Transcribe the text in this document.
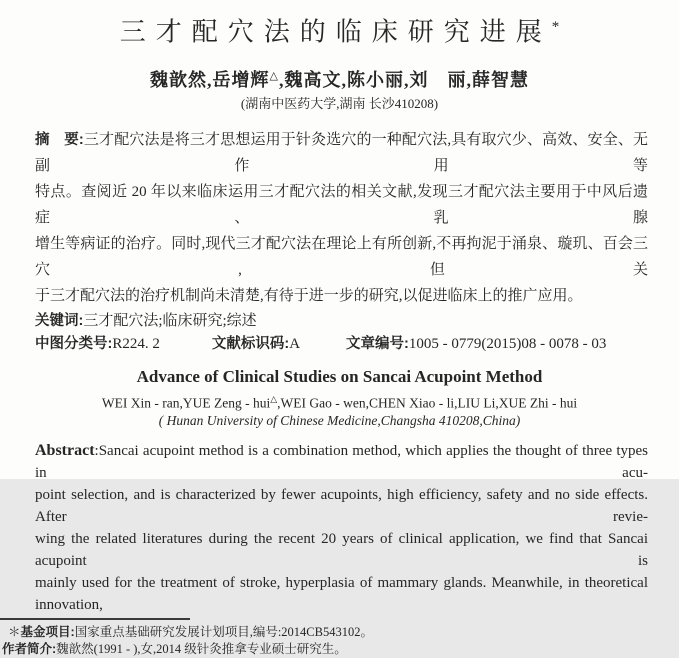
三才配穴法的临床研究进展*
魏歆然,岳增辉△,魏高文,陈小丽,刘　丽,薛智慧
(湖南中医药大学,湖南 长沙410208)
摘　要:三才配穴法是将三才思想运用于针灸选穴的一种配穴法,具有取穴少、高效、安全、无副作用等
特点。查阅近 20 年以来临床运用三才配穴法的相关文献,发现三才配穴法主要用于中风后遗症、乳腺
增生等病证的治疗。同时,现代三才配穴法在理论上有所创新,不再拘泥于涌泉、璇玑、百会三穴,但关
于三才配穴法的治疗机制尚未清楚,有待于进一步的研究,以促进临床上的推广应用。
关键词:三才配穴法;临床研究;综述
中图分类号:R224. 2	文献标识码:A	文章编号:1005 - 0779(2015)08 - 0078 - 03
Advance of Clinical Studies on Sancai Acupoint Method
WEI Xin - ran,YUE Zeng - hui△,WEI Gao - wen,CHEN Xiao - li,LIU Li,XUE Zhi - hui
( Hunan University of Chinese Medicine,Changsha 410208,China)
Abstract:Sancai acupoint method is a combination method, which applies the thought of three types in acu-
point selection, and is characterized by fewer acupoints, high efficiency, safety and no side effects. After revie-
wing the related literatures during the recent 20 years of clinical application, we find that Sancai acupoint is
mainly used for the treatment of stroke, hyperplasia of mammary glands. Meanwhile, in theoretical innovation,
＊基金项目:国家重点基础研究发展计划项目,编号:2014CB543102。
作者简介:魏歆然(1991 - ),女,2014 级针灸推拿专业硕士研究生。
